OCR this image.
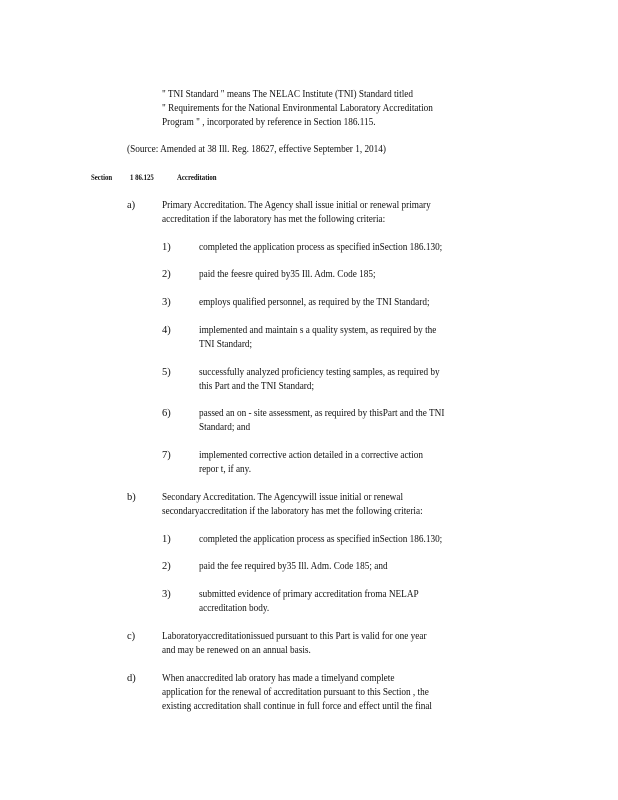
" TNI Standard " means The NELAC Institute (TNI) Standard titled
" Requirements for the National Environmental Laboratory Accreditation
Program " , incorporated by reference in Section 186.115.
(Source: Amended at 38 Ill. Reg. 18627, effective September 1, 2014)
Section 1 86.125	Accreditation
a)	Primary Accreditation. The Agency shall issue initial or renewal primary
accreditation if the laboratory has met the following criteria:
1)	completed the application process as specified inSection 186.130;
2)	paid the feesre quired by35 Ill. Adm. Code 185;
3)	employs qualified personnel, as required by the TNI Standard;
4)	implemented and maintain s a quality system, as required by the
TNI Standard;
5)	successfully analyzed proficiency testing samples, as required by
this Part and the TNI Standard;
6)	passed an on - site assessment, as required by thisPart and the TNI
Standard; and
7)	implemented corrective action detailed in a corrective action
repor t, if any.
b)	Secondary Accreditation. The Agencywill issue initial or renewal
secondaryaccreditation if the laboratory has met the following criteria:
1)	completed the application process as specified inSection 186.130;
2)	paid the fee required by35 Ill. Adm. Code 185; and
3)	submitted evidence of primary accreditation froma NELAP
accreditation body.
c)	Laboratoryaccreditationissued pursuant to this Part is valid for one year
and may be renewed on an annual basis.
d)	When anaccredited lab oratory has made a timelyand complete
application for the renewal of accreditation pursuant to this Section , the
existing accreditation shall continue in full force and effect until the final
